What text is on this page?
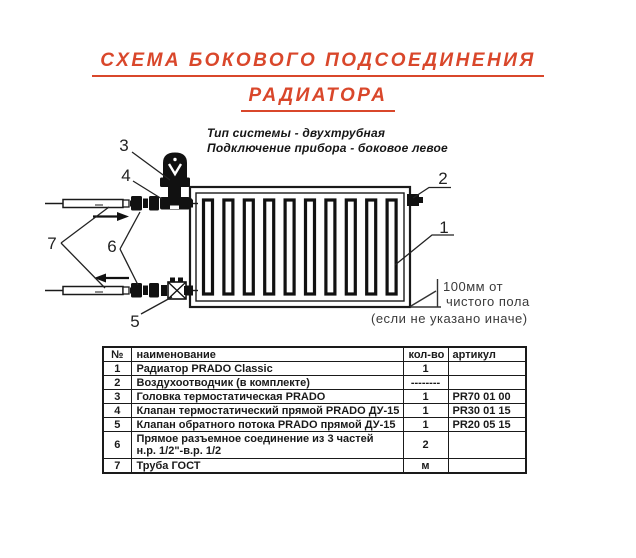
СХЕМА БОКОВОГО ПОДСОЕДИНЕНИЯ
РАДИАТОРА
Тип системы - двухтрубная
Подключение прибора - боковое левое
3
4
7	6
5
2
1
100мм от
чистого пола
(если не указано иначе)
№	наименование	кол-во	артикул
1	Радиатор PRADO Classic	1	
2	Воздухоотводчик (в комплекте)	--------	
3	Головка термостатическая PRADO	1	PR70 01 00
4	Клапан термостатический прямой PRADO ДУ-15	1	PR30 01 15
5	Клапан обратного потока PRADO прямой ДУ-15	1	PR20 05 15
6	Прямое разъемное соединение из 3 частей
н.р. 1/2"-в.р. 1/2	2	
7	Труба ГОСТ	м	
